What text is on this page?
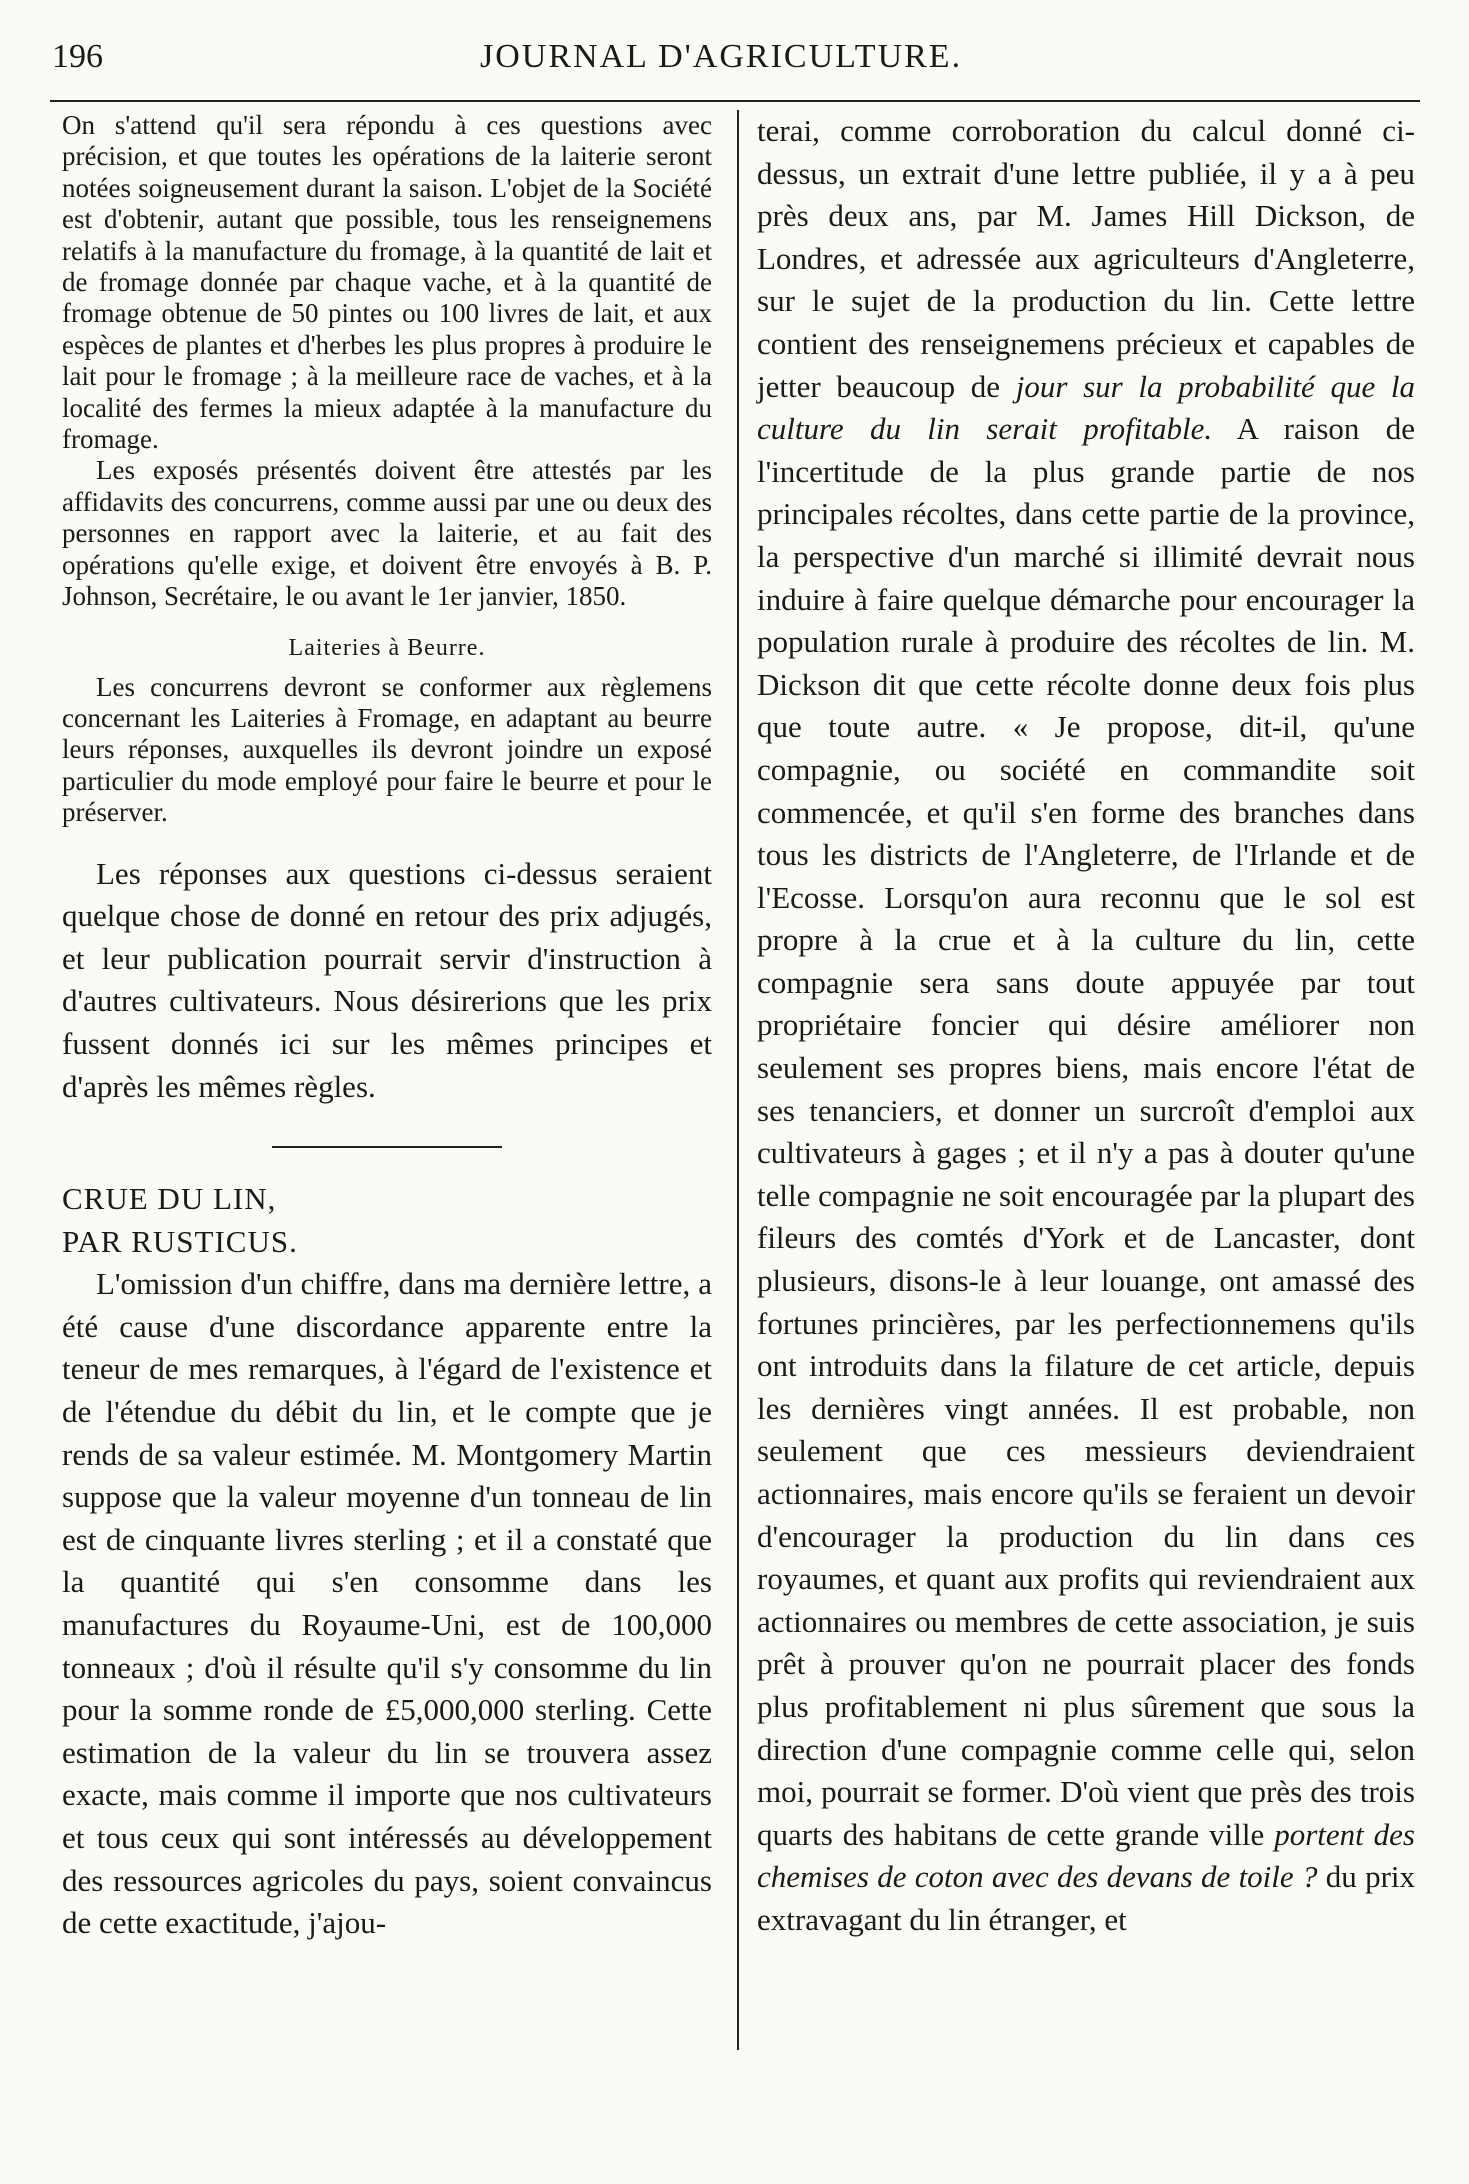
196	JOURNAL D'AGRICULTURE.

On s'attend qu'il sera répondu à ces questions avec précision, et que toutes les opérations de la laiterie seront notées soigneusement durant la saison. L'objet de la Société est d'obtenir, autant que possible, tous les renseignemens relatifs à la manufacture du fromage, à la quantité de lait et de fromage donnée par chaque vache, et à la quantité de fromage obtenue de 50 pintes ou 100 livres de lait, et aux espèces de plantes et d'herbes les plus propres à produire le lait pour le fromage ; à la meilleure race de vaches, et à la localité des fermes la mieux adaptée à la manufacture du fromage.

Les exposés présentés doivent être attestés par les affidavits des concurrens, comme aussi par une ou deux des personnes en rapport avec la laiterie, et au fait des opérations qu'elle exige, et doivent être envoyés à B. P. Johnson, Secrétaire, le ou avant le 1er janvier, 1850.

Laiteries à Beurre.

Les concurrens devront se conformer aux règlemens concernant les Laiteries à Fromage, en adaptant au beurre leurs réponses, auxquelles ils devront joindre un exposé particulier du mode employé pour faire le beurre et pour le préserver.

Les réponses aux questions ci-dessus seraient quelque chose de donné en retour des prix adjugés, et leur publication pourrait servir d'instruction à d'autres cultivateurs. Nous désirerions que les prix fussent donnés ici sur les mêmes principes et d'après les mêmes règles.

CRUE DU LIN,

PAR RUSTICUS.

L'omission d'un chiffre, dans ma dernière lettre, a été cause d'une discordance apparente entre la teneur de mes remarques, à l'égard de l'existence et de l'étendue du débit du lin, et le compte que je rends de sa valeur estimée. M. Montgomery Martin suppose que la valeur moyenne d'un tonneau de lin est de cinquante livres sterling ; et il a constaté que la quantité qui s'en consomme dans les manufactures du Royaume-Uni, est de 100,000 tonneaux ; d'où il résulte qu'il s'y consomme du lin pour la somme ronde de £5,000,000 sterling. Cette estimation de la valeur du lin se trouvera assez exacte, mais comme il importe que nos cultivateurs et tous ceux qui sont intéressés au développement des ressources agricoles du pays, soient convaincus de cette exactitude, j'ajou-

terai, comme corroboration du calcul donné ci-dessus, un extrait d'une lettre publiée, il y a à peu près deux ans, par M. James Hill Dickson, de Londres, et adressée aux agriculteurs d'Angleterre, sur le sujet de la production du lin. Cette lettre contient des renseignemens précieux et capables de jetter beaucoup de jour sur la probabilité que la culture du lin serait profitable. A raison de l'incertitude de la plus grande partie de nos principales récoltes, dans cette partie de la province, la perspective d'un marché si illimité devrait nous induire à faire quelque démarche pour encourager la population rurale à produire des récoltes de lin. M. Dickson dit que cette récolte donne deux fois plus que toute autre. « Je propose, dit-il, qu'une compagnie, ou société en commandite soit commencée, et qu'il s'en forme des branches dans tous les districts de l'Angleterre, de l'Irlande et de l'Ecosse. Lorsqu'on aura reconnu que le sol est propre à la crue et à la culture du lin, cette compagnie sera sans doute appuyée par tout propriétaire foncier qui désire améliorer non seulement ses propres biens, mais encore l'état de ses tenanciers, et donner un surcroît d'emploi aux cultivateurs à gages ; et il n'y a pas à douter qu'une telle compagnie ne soit encouragée par la plupart des fileurs des comtés d'York et de Lancaster, dont plusieurs, disons-le à leur louange, ont amassé des fortunes princières, par les perfectionnemens qu'ils ont introduits dans la filature de cet article, depuis les dernières vingt années. Il est probable, non seulement que ces messieurs deviendraient actionnaires, mais encore qu'ils se feraient un devoir d'encourager la production du lin dans ces royaumes, et quant aux profits qui reviendraient aux actionnaires ou membres de cette association, je suis prêt à prouver qu'on ne pourrait placer des fonds plus profitablement ni plus sûrement que sous la direction d'une compagnie comme celle qui, selon moi, pourrait se former. D'où vient que près des trois quarts des habitans de cette grande ville portent des chemises de coton avec des devans de toile ? du prix extravagant du lin étranger, et
